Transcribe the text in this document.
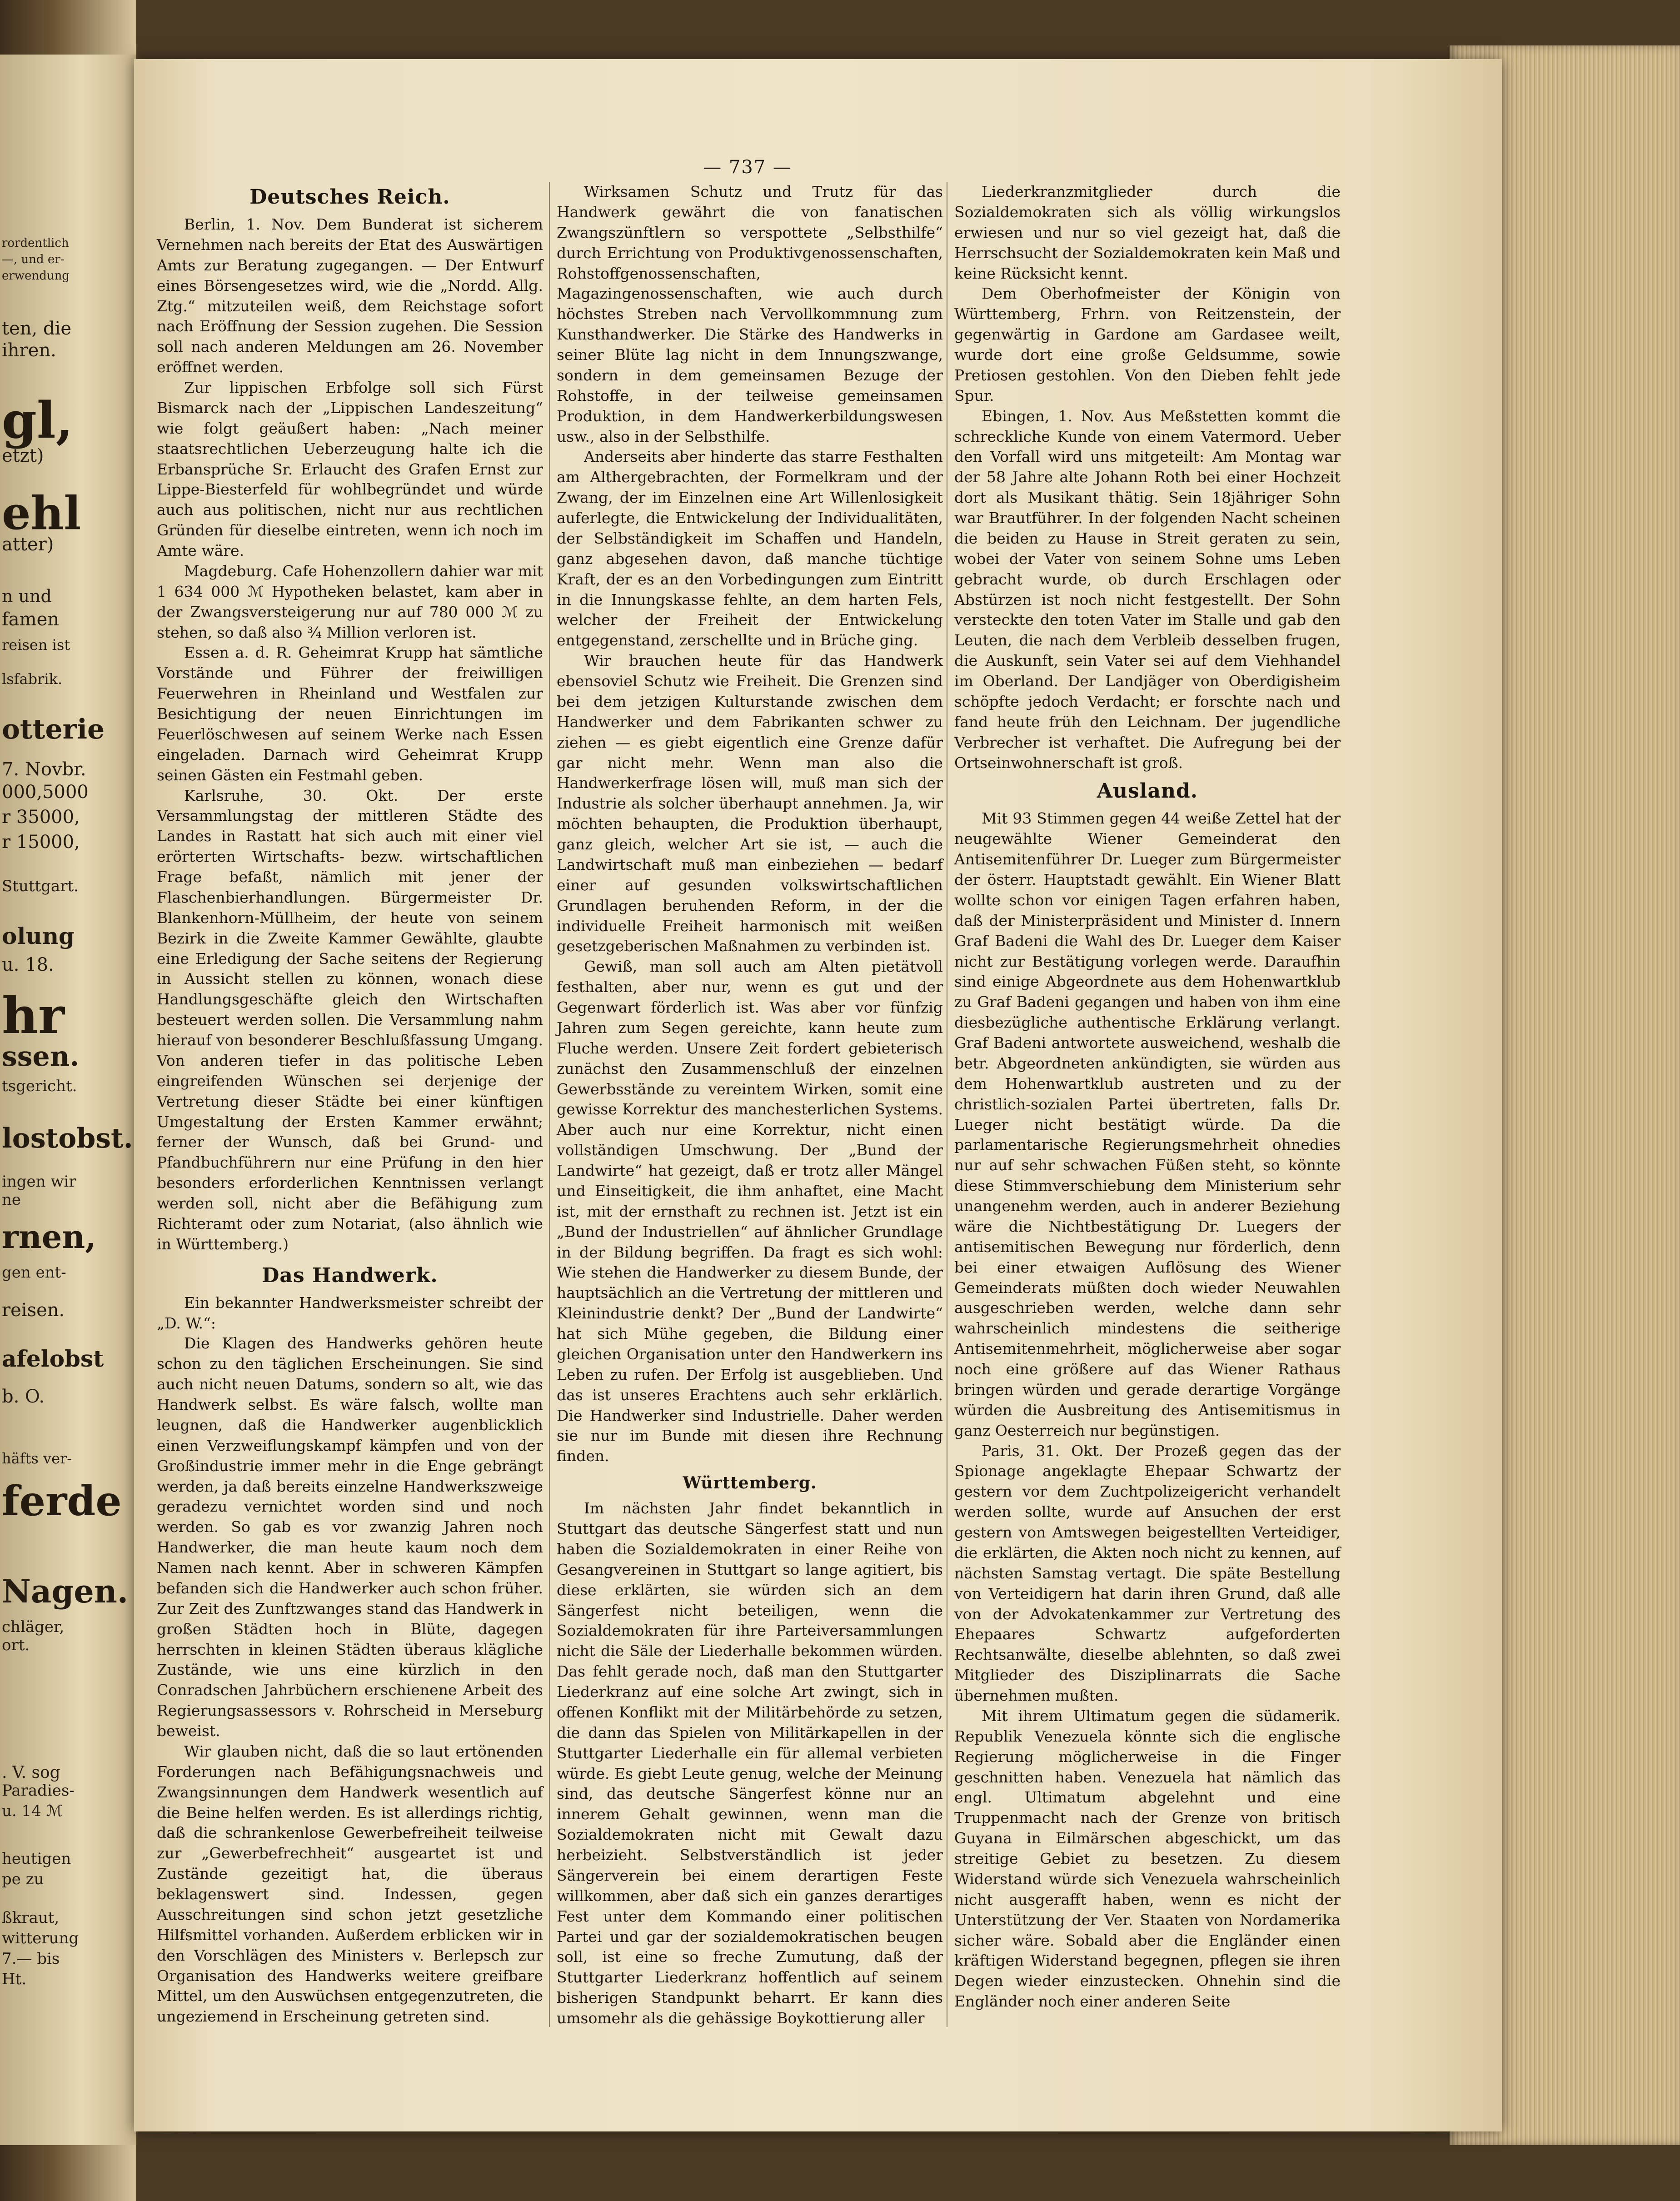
rordentlich
—, und er-
erwendung
ten, die
ihren.
gl,
etzt)
ehl
atter)
n und
famen
reisen ist
lsfabrik.
otterie
7. Novbr.
000,5000
r 35000,
r 15000,
Stuttgart.
olung
u. 18.
hr
ssen.
tsgericht.
lostobst.
ingen wir
ne
rnen,
gen ent-
reisen.
afelobst
b. O.
häfts ver-
ferde
Nagen.
chläger,
ort.
. V. sog
Paradies-
u. 14 ℳ
heutigen
pe zu
ßkraut,
witterung
7.— bis
Ht.
— 737 —
Deutsches Reich.

Berlin, 1. Nov. Dem Bunderat ist sicherem Vernehmen nach bereits der Etat des Auswärtigen Amts zur Beratung zugegangen. — Der Entwurf eines Börsengesetzes wird, wie die „Nordd. Allg. Ztg.“ mitzuteilen weiß, dem Reichstage sofort nach Eröffnung der Session zugehen. Die Session soll nach anderen Meldungen am 26. November eröffnet werden.

Zur lippischen Erbfolge soll sich Fürst Bismarck nach der „Lippischen Landeszeitung“ wie folgt geäußert haben: „Nach meiner staatsrechtlichen Ueberzeugung halte ich die Erbansprüche Sr. Erlaucht des Grafen Ernst zur Lippe-Biesterfeld für wohlbegründet und würde auch aus politischen, nicht nur aus rechtlichen Gründen für dieselbe eintreten, wenn ich noch im Amte wäre.

Magdeburg. Cafe Hohenzollern dahier war mit 1 634 000 ℳ Hypotheken belastet, kam aber in der Zwangsversteigerung nur auf 780 000 ℳ zu stehen, so daß also ¾ Million verloren ist.

Essen a. d. R. Geheimrat Krupp hat sämtliche Vorstände und Führer der freiwilligen Feuerwehren in Rheinland und Westfalen zur Besichtigung der neuen Einrichtungen im Feuerlöschwesen auf seinem Werke nach Essen eingeladen. Darnach wird Geheimrat Krupp seinen Gästen ein Festmahl geben.

Karlsruhe, 30. Okt. Der erste Versammlungstag der mittleren Städte des Landes in Rastatt hat sich auch mit einer viel erörterten Wirtschafts- bezw. wirtschaftlichen Frage befaßt, nämlich mit jener der Flaschenbierhandlungen. Bürgermeister Dr. Blankenhorn-Müllheim, der heute von seinem Bezirk in die Zweite Kammer Gewählte, glaubte eine Erledigung der Sache seitens der Regierung in Aussicht stellen zu können, wonach diese Handlungsgeschäfte gleich den Wirtschaften besteuert werden sollen. Die Versammlung nahm hierauf von besonderer Beschlußfassung Umgang. Von anderen tiefer in das politische Leben eingreifenden Wünschen sei derjenige der Vertretung dieser Städte bei einer künftigen Umgestaltung der Ersten Kammer erwähnt; ferner der Wunsch, daß bei Grund- und Pfandbuchführern nur eine Prüfung in den hier besonders erforderlichen Kenntnissen verlangt werden soll, nicht aber die Befähigung zum Richteramt oder zum Notariat, (also ähnlich wie in Württemberg.)

Das Handwerk.

Ein bekannter Handwerksmeister schreibt der „D. W.“:

Die Klagen des Handwerks gehören heute schon zu den täglichen Erscheinungen. Sie sind auch nicht neuen Datums, sondern so alt, wie das Handwerk selbst. Es wäre falsch, wollte man leugnen, daß die Handwerker augenblicklich einen Verzweiflungskampf kämpfen und von der Großindustrie immer mehr in die Enge gebrängt werden, ja daß bereits einzelne Handwerkszweige geradezu vernichtet worden sind und noch werden. So gab es vor zwanzig Jahren noch Handwerker, die man heute kaum noch dem Namen nach kennt. Aber in schweren Kämpfen befanden sich die Handwerker auch schon früher. Zur Zeit des Zunftzwanges stand das Handwerk in großen Städten hoch in Blüte, dagegen herrschten in kleinen Städten überaus klägliche Zustände, wie uns eine kürzlich in den Conradschen Jahrbüchern erschienene Arbeit des Regierungsassessors v. Rohrscheid in Merseburg beweist.

Wir glauben nicht, daß die so laut ertönenden Forderungen nach Befähigungsnachweis und Zwangsinnungen dem Handwerk wesentlich auf die Beine helfen werden. Es ist allerdings richtig, daß die schrankenlose Gewerbefreiheit teilweise zur „Gewerbefrechheit“ ausgeartet ist und Zustände gezeitigt hat, die überaus beklagenswert sind. Indessen, gegen Ausschreitungen sind schon jetzt gesetzliche Hilfsmittel vorhanden. Außerdem erblicken wir in den Vorschlägen des Ministers v. Berlepsch zur Organisation des Handwerks weitere greifbare Mittel, um den Auswüchsen entgegenzutreten, die ungeziemend in Erscheinung getreten sind.

Wirksamen Schutz und Trutz für das Handwerk gewährt die von fanatischen Zwangszünftlern so verspottete „Selbsthilfe“ durch Errichtung von Produktivgenossenschaften, Rohstoffgenossenschaften, Magazingenossenschaften, wie auch durch höchstes Streben nach Vervollkommnung zum Kunsthandwerker. Die Stärke des Handwerks in seiner Blüte lag nicht in dem Innungszwange, sondern in dem gemeinsamen Bezuge der Rohstoffe, in der teilweise gemeinsamen Produktion, in dem Handwerkerbildungswesen usw., also in der Selbsthilfe.

Anderseits aber hinderte das starre Festhalten am Althergebrachten, der Formelkram und der Zwang, der im Einzelnen eine Art Willenlosigkeit auferlegte, die Entwickelung der Individualitäten, der Selbständigkeit im Schaffen und Handeln, ganz abgesehen davon, daß manche tüchtige Kraft, der es an den Vorbedingungen zum Eintritt in die Innungskasse fehlte, an dem harten Fels, welcher der Freiheit der Entwickelung entgegenstand, zerschellte und in Brüche ging.

Wir brauchen heute für das Handwerk ebensoviel Schutz wie Freiheit. Die Grenzen sind bei dem jetzigen Kulturstande zwischen dem Handwerker und dem Fabrikanten schwer zu ziehen — es giebt eigentlich eine Grenze dafür gar nicht mehr. Wenn man also die Handwerkerfrage lösen will, muß man sich der Industrie als solcher überhaupt annehmen. Ja, wir möchten behaupten, die Produktion überhaupt, ganz gleich, welcher Art sie ist, — auch die Landwirtschaft muß man einbeziehen — bedarf einer auf gesunden volkswirtschaftlichen Grundlagen beruhenden Reform, in der die individuelle Freiheit harmonisch mit weißen gesetzgeberischen Maßnahmen zu verbinden ist.

Gewiß, man soll auch am Alten pietätvoll festhalten, aber nur, wenn es gut und der Gegenwart förderlich ist. Was aber vor fünfzig Jahren zum Segen gereichte, kann heute zum Fluche werden. Unsere Zeit fordert gebieterisch zunächst den Zusammenschluß der einzelnen Gewerbsstände zu vereintem Wirken, somit eine gewisse Korrektur des manchesterlichen Systems. Aber auch nur eine Korrektur, nicht einen vollständigen Umschwung. Der „Bund der Landwirte“ hat gezeigt, daß er trotz aller Mängel und Einseitigkeit, die ihm anhaftet, eine Macht ist, mit der ernsthaft zu rechnen ist. Jetzt ist ein „Bund der Industriellen“ auf ähnlicher Grundlage in der Bildung begriffen. Da fragt es sich wohl: Wie stehen die Handwerker zu diesem Bunde, der hauptsächlich an die Vertretung der mittleren und Kleinindustrie denkt? Der „Bund der Landwirte“ hat sich Mühe gegeben, die Bildung einer gleichen Organisation unter den Handwerkern ins Leben zu rufen. Der Erfolg ist ausgeblieben. Und das ist unseres Erachtens auch sehr erklärlich. Die Handwerker sind Industrielle. Daher werden sie nur im Bunde mit diesen ihre Rechnung finden.

Württemberg.

Im nächsten Jahr findet bekanntlich in Stuttgart das deutsche Sängerfest statt und nun haben die Sozialdemokraten in einer Reihe von Gesangvereinen in Stuttgart so lange agitiert, bis diese erklärten, sie würden sich an dem Sängerfest nicht beteiligen, wenn die Sozialdemokraten für ihre Parteiversammlungen nicht die Säle der Liederhalle bekommen würden. Das fehlt gerade noch, daß man den Stuttgarter Liederkranz auf eine solche Art zwingt, sich in offenen Konflikt mit der Militärbehörde zu setzen, die dann das Spielen von Militärkapellen in der Stuttgarter Liederhalle ein für allemal verbieten würde. Es giebt Leute genug, welche der Meinung sind, das deutsche Sängerfest könne nur an innerem Gehalt gewinnen, wenn man die Sozialdemokraten nicht mit Gewalt dazu herbeizieht. Selbstverständlich ist jeder Sängerverein bei einem derartigen Feste willkommen, aber daß sich ein ganzes derartiges Fest unter dem Kommando einer politischen Partei und gar der sozialdemokratischen beugen soll, ist eine so freche Zumutung, daß der Stuttgarter Liederkranz hoffentlich auf seinem bisherigen Standpunkt beharrt. Er kann dies umsomehr als die gehässige Boykottierung aller

Liederkranzmitglieder durch die Sozialdemokraten sich als völlig wirkungslos erwiesen und nur so viel gezeigt hat, daß die Herrschsucht der Sozialdemokraten kein Maß und keine Rücksicht kennt.

Dem Oberhofmeister der Königin von Württemberg, Frhrn. von Reitzenstein, der gegenwärtig in Gardone am Gardasee weilt, wurde dort eine große Geldsumme, sowie Pretiosen gestohlen. Von den Dieben fehlt jede Spur.

Ebingen, 1. Nov. Aus Meßstetten kommt die schreckliche Kunde von einem Vatermord. Ueber den Vorfall wird uns mitgeteilt: Am Montag war der 58 Jahre alte Johann Roth bei einer Hochzeit dort als Musikant thätig. Sein 18jähriger Sohn war Brautführer. In der folgenden Nacht scheinen die beiden zu Hause in Streit geraten zu sein, wobei der Vater von seinem Sohne ums Leben gebracht wurde, ob durch Erschlagen oder Abstürzen ist noch nicht festgestellt. Der Sohn versteckte den toten Vater im Stalle und gab den Leuten, die nach dem Verbleib desselben frugen, die Auskunft, sein Vater sei auf dem Viehhandel im Oberland. Der Landjäger von Oberdigisheim schöpfte jedoch Verdacht; er forschte nach und fand heute früh den Leichnam. Der jugendliche Verbrecher ist verhaftet. Die Aufregung bei der Ortseinwohnerschaft ist groß.

Ausland.

Mit 93 Stimmen gegen 44 weiße Zettel hat der neugewählte Wiener Gemeinderat den Antisemitenführer Dr. Lueger zum Bürgermeister der österr. Hauptstadt gewählt. Ein Wiener Blatt wollte schon vor einigen Tagen erfahren haben, daß der Ministerpräsident und Minister d. Innern Graf Badeni die Wahl des Dr. Lueger dem Kaiser nicht zur Bestätigung vorlegen werde. Daraufhin sind einige Abgeordnete aus dem Hohenwartklub zu Graf Badeni gegangen und haben von ihm eine diesbezügliche authentische Erklärung verlangt. Graf Badeni antwortete ausweichend, weshalb die betr. Abgeordneten ankündigten, sie würden aus dem Hohenwartklub austreten und zu der christlich-sozialen Partei übertreten, falls Dr. Lueger nicht bestätigt würde. Da die parlamentarische Regierungsmehrheit ohnedies nur auf sehr schwachen Füßen steht, so könnte diese Stimmverschiebung dem Ministerium sehr unangenehm werden, auch in anderer Beziehung wäre die Nichtbestätigung Dr. Luegers der antisemitischen Bewegung nur förderlich, denn bei einer etwaigen Auflösung des Wiener Gemeinderats müßten doch wieder Neuwahlen ausgeschrieben werden, welche dann sehr wahrscheinlich mindestens die seitherige Antisemitenmehrheit, möglicherweise aber sogar noch eine größere auf das Wiener Rathaus bringen würden und gerade derartige Vorgänge würden die Ausbreitung des Antisemitismus in ganz Oesterreich nur begünstigen.

Paris, 31. Okt. Der Prozeß gegen das der Spionage angeklagte Ehepaar Schwartz der gestern vor dem Zuchtpolizeigericht verhandelt werden sollte, wurde auf Ansuchen der erst gestern von Amtswegen beigestellten Verteidiger, die erklärten, die Akten noch nicht zu kennen, auf nächsten Samstag vertagt. Die späte Bestellung von Verteidigern hat darin ihren Grund, daß alle von der Advokatenkammer zur Vertretung des Ehepaares Schwartz aufgeforderten Rechtsanwälte, dieselbe ablehnten, so daß zwei Mitglieder des Disziplinarrats die Sache übernehmen mußten.

Mit ihrem Ultimatum gegen die südamerik. Republik Venezuela könnte sich die englische Regierung möglicherweise in die Finger geschnitten haben. Venezuela hat nämlich das engl. Ultimatum abgelehnt und eine Truppenmacht nach der Grenze von britisch Guyana in Eilmärschen abgeschickt, um das streitige Gebiet zu besetzen. Zu diesem Widerstand würde sich Venezuela wahrscheinlich nicht ausgerafft haben, wenn es nicht der Unterstützung der Ver. Staaten von Nordamerika sicher wäre. Sobald aber die Engländer einen kräftigen Widerstand begegnen, pflegen sie ihren Degen wieder einzustecken. Ohnehin sind die Engländer noch einer anderen Seite
